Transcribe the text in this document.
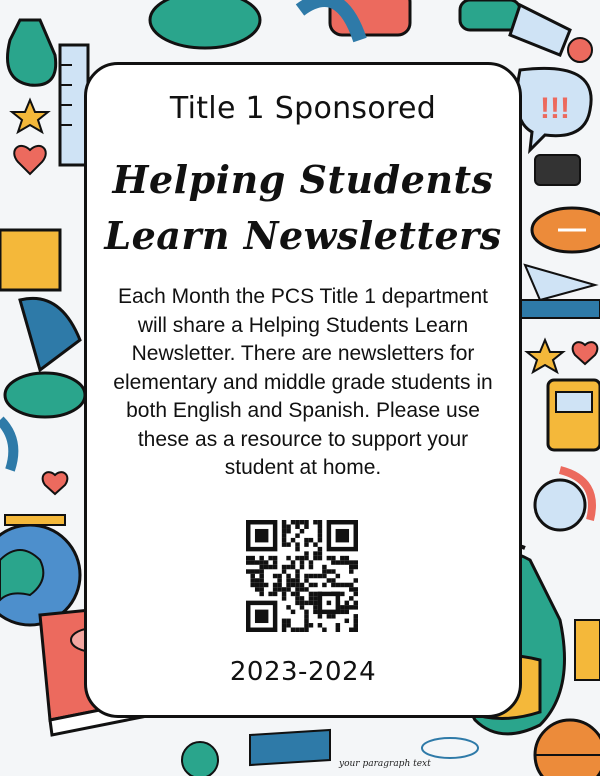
!!!
Title 1 Sponsored
Helping Students
Learn Newsletters
Each Month the PCS Title 1 department
will share a Helping Students Learn
Newsletter. There are newsletters for
elementary and middle grade students in
both English and Spanish. Please use
these as a resource to support your
student at home.
2023-2024
your paragraph text
